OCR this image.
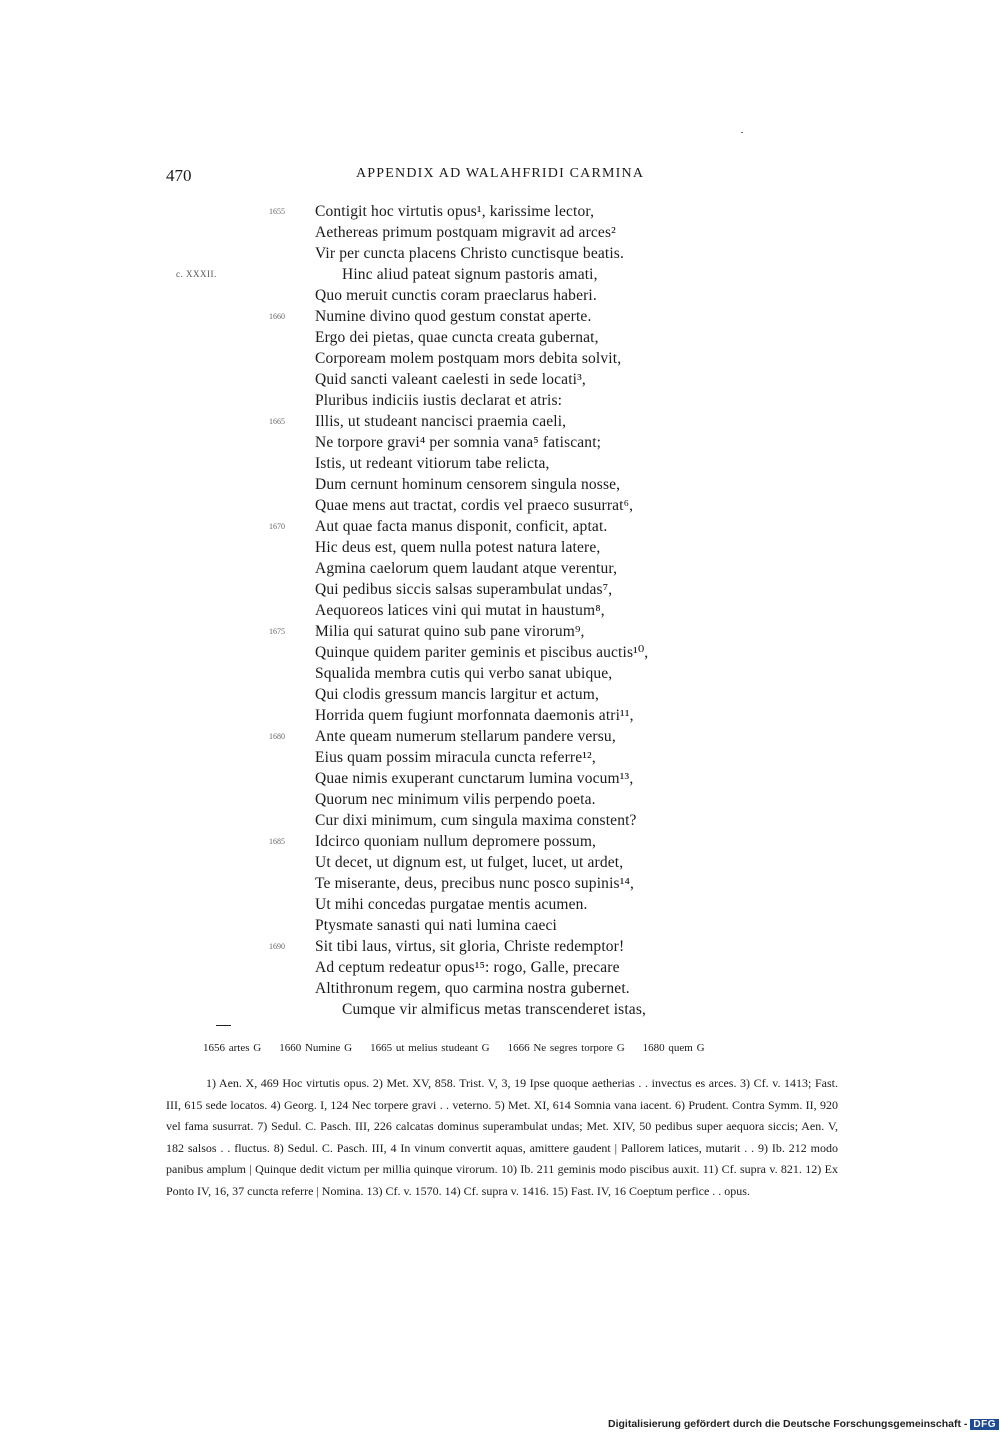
470	APPENDIX AD WALAHFRIDI CARMINA
1655 Contigit hoc virtutis opus¹, karissime lector,
Aethereas primum postquam migravit ad arces²
Vir per cuncta placens Christo cunctisque beatis.
c. XXXII.	Hinc aliud pateat signum pastoris amati,
Quo meruit cunctis coram praeclarus haberi.
1660 Numine divino quod gestum constat aperte.
Ergo dei pietas, quae cuncta creata gubernat,
Corpoream molem postquam mors debita solvit,
Quid sancti valeant caelesti in sede locati³,
Pluribus indiciis iustis declarat et atris:
1665 Illis, ut studeant nancisci praemia caeli,
Ne torpore gravi⁴ per somnia vana⁵ fatiscant;
Istis, ut redeant vitiorum tabe relicta,
Dum cernunt hominum censorem singula nosse,
Quae mens aut tractat, cordis vel praeco susurrat⁶,
1670 Aut quae facta manus disponit, conficit, aptat.
Hic deus est, quem nulla potest natura latere,
Agmina caelorum quem laudant atque verentur,
Qui pedibus siccis salsas superambulat undas⁷,
Aequoreos latices vini qui mutat in haustum⁸,
1675 Milia qui saturat quino sub pane virorum⁹,
Quinque quidem pariter geminis et piscibus auctis¹⁰,
Squalida membra cutis qui verbo sanat ubique,
Qui clodis gressum mancis largitur et actum,
Horrida quem fugiunt morfonnata daemonis atri¹¹,
1680 Ante queam numerum stellarum pandere versu,
Eius quam possim miracula cuncta referre¹²,
Quae nimis exuperant cunctarum lumina vocum¹³,
Quorum nec minimum vilis perpendo poeta.
Cur dixi minimum, cum singula maxima constent?
1685 Idcirco quoniam nullum depromere possum,
Ut decet, ut dignum est, ut fulget, lucet, ut ardet,
Te miserante, deus, precibus nunc posco supinis¹⁴,
Ut mihi concedas purgatae mentis acumen.
Ptysmate sanasti qui nati lumina caeci
1690 Sit tibi laus, virtus, sit gloria, Christe redemptor!
Ad ceptum redeatur opus¹⁵: rogo, Galle, precare
Altithronum regem, quo carmina nostra gubernet.
Cumque vir almificus metas transcenderet istas,
1656 artes G 1660 Numine G 1665 ut melius studeant G 1666 Ne segres torpore G 1680 quem G

1) Aen. X, 469 Hoc virtutis opus. 2) Met. XV, 858. Trist. V, 3, 19 Ipse quoque aetherias . . invectus es arces. 3) Cf. v. 1413; Fast. III, 615 sede locatos. 4) Georg. I, 124 Nec torpere gravi . . veterno. 5) Met. XI, 614 Somnia vana iacent. 6) Prudent. Contra Symm. II, 920 vel fama susurrat. 7) Sedul. C. Pasch. III, 226 calcatas dominus superambulat undas; Met. XIV, 50 pedibus super aequora siccis; Aen. V, 182 salsos . . fluctus. 8) Sedul. C. Pasch. III, 4 In vinum convertit aquas, amittere gaudent | Pallorem latices, mutarit . . 9) Ib. 212 modo panibus amplum | Quinque dedit victum per millia quinque virorum. 10) Ib. 211 geminis modo piscibus auxit. 11) Cf. supra v. 821. 12) Ex Ponto IV, 16, 37 cuncta referre | Nomina. 13) Cf. v. 1570. 14) Cf. supra v. 1416. 15) Fast. IV, 16 Coeptum perfice . . opus.

Digitalisierung gefördert durch die Deutsche Forschungsgemeinschaft - DFG
